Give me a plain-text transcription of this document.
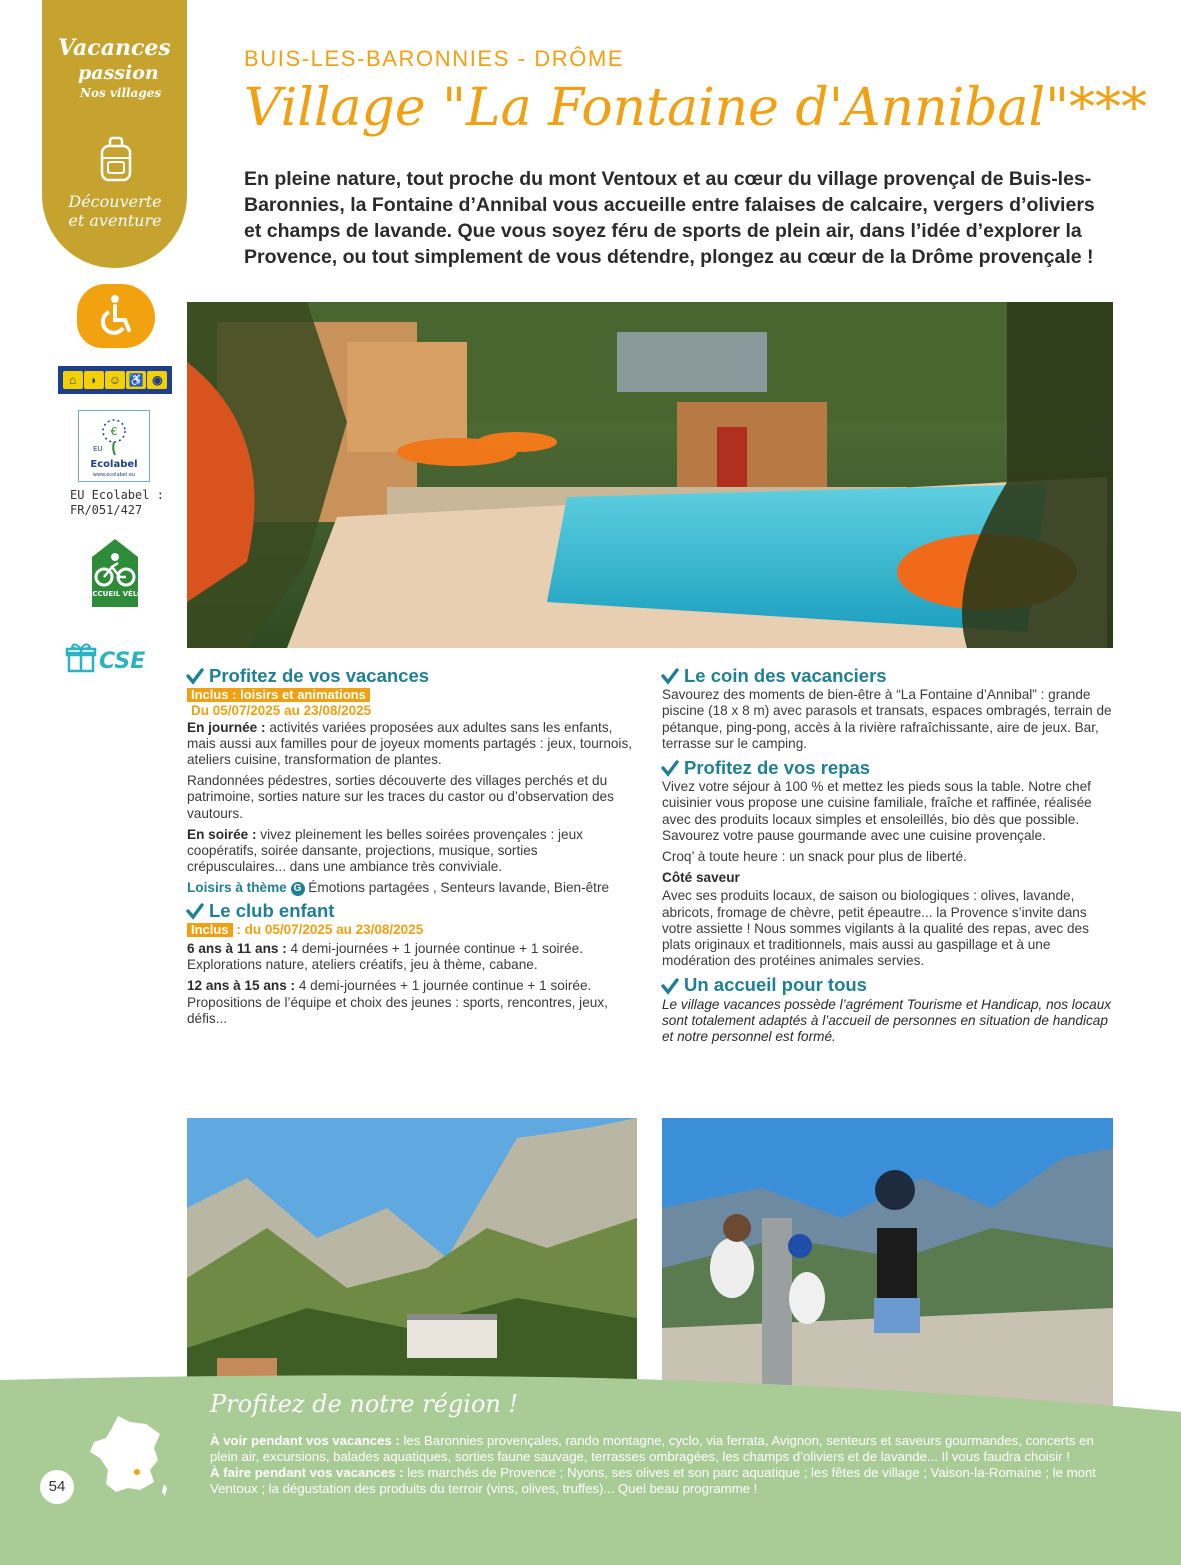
Vacances
passion
Nos villages
Découverte
et aventure
⌂	◗ ☺ ♿ ◉
€
EU
Ecolabel
www.ecolabel.eu
EU Ecolabel : FR/051/427
ACCUEIL VÉLO
CSE
BUIS-LES-BARONNIES - DRÔME
Village "La Fontaine d'Annibal"***
En pleine nature, tout proche du mont Ventoux et au cœur du village provençal de Buis-les-Baronnies, la Fontaine d’Annibal vous accueille entre falaises de calcaire, vergers d’oliviers et champs de lavande. Que vous soyez féru de sports de plein air, dans l’idée d’explorer la Provence, ou tout simplement de vous détendre, plongez au cœur de la Drôme provençale !
Profitez de vos vacances
Inclus : loisirs et animations
Du 05/07/2025 au 23/08/2025

En journée : activités variées proposées aux adultes sans les enfants, mais aussi aux familles pour de joyeux moments partagés : jeux, tournois, ateliers cuisine, transformation de plantes.

Randonnées pédestres, sorties découverte des villages perchés et du patrimoine, sorties nature sur les traces du castor ou d’observation des vautours.

En soirée : vivez pleinement les belles soirées provençales : jeux coopératifs, soirée dansante, projections, musique, sorties crépusculaires... dans une ambiance très conviviale.

Loisirs à thème G Émotions partagées , Senteurs lavande, Bien-être

Le club enfant
Inclus : du 05/07/2025 au 23/08/2025

6 ans à 11 ans : 4 demi-journées + 1 journée continue + 1 soirée. Explorations nature, ateliers créatifs, jeu à thème, cabane.

12 ans à 15 ans : 4 demi-journées + 1 journée continue + 1 soirée. Propositions de l’équipe et choix des jeunes : sports, rencontres, jeux, défis...

Le coin des vacanciers

Savourez des moments de bien-être à “La Fontaine d’Annibal” : grande piscine (18 x 8 m) avec parasols et transats, espaces ombragés, terrain de pétanque, ping-pong, accès à la rivière rafraîchissante, aire de jeux. Bar, terrasse sur le camping.

Profitez de vos repas

Vivez votre séjour à 100 % et mettez les pieds sous la table. Notre chef cuisinier vous propose une cuisine familiale, fraîche et raffinée, réalisée avec des produits locaux simples et ensoleillés, bio dès que possible. Savourez votre pause gourmande avec une cuisine provençale.

Croq’ à toute heure : un snack pour plus de liberté.

Côté saveur

Avec ses produits locaux, de saison ou biologiques : olives, lavande, abricots, fromage de chèvre, petit épeautre... la Provence s’invite dans votre assiette ! Nous sommes vigilants à la qualité des repas, avec des plats originaux et traditionnels, mais aussi au gaspillage et à une modération des protéines animales servies.

Un accueil pour tous

Le village vacances possède l’agrément Tourisme et Handicap, nos locaux sont totalement adaptés à l’accueil de personnes en situation de handicap et notre personnel est formé.

Profitez de notre région !

À voir pendant vos vacances : les Baronnies provençales, rando montagne, cyclo, via ferrata, Avignon, senteurs et saveurs gourmandes, concerts en plein air, excursions, balades aquatiques, sorties faune sauvage, terrasses ombragées, les champs d’oliviers et de lavande... Il vous faudra choisir !

À faire pendant vos vacances : les marchés de Provence ; Nyons, ses olives et son parc aquatique ; les fêtes de village ; Vaison-la-Romaine ; le mont Ventoux ; la dégustation des produits du terroir (vins, olives, truffes)... Quel beau programme !

54
